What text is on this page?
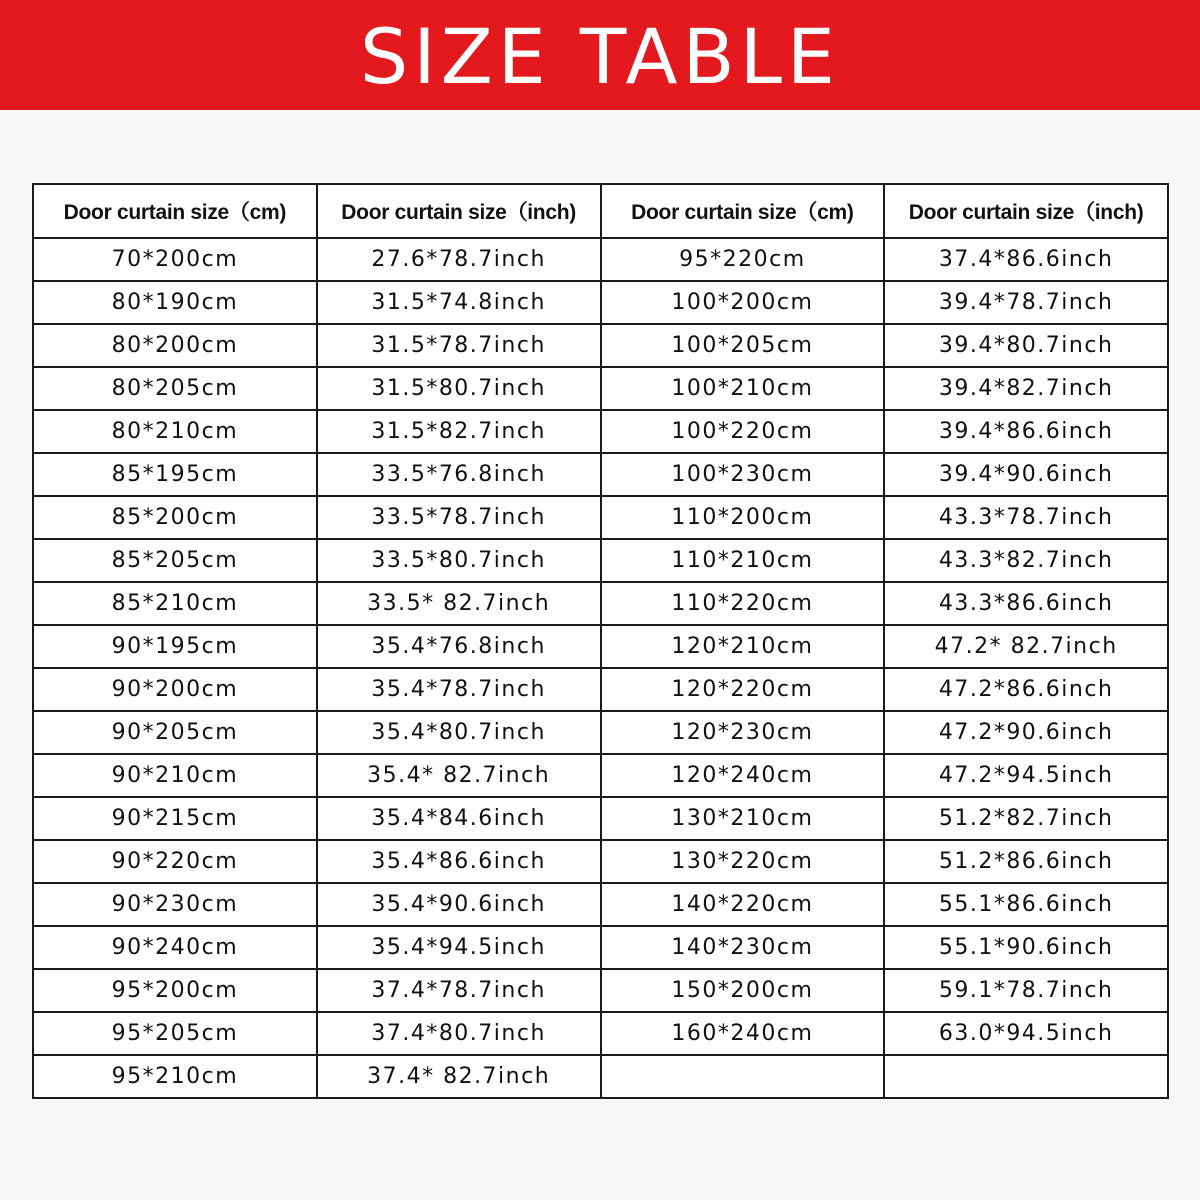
SIZE TABLE
Door curtain size（cm)	Door curtain size（inch)	Door curtain size（cm)	Door curtain size（inch)
70*200cm	27.6*78.7inch	95*220cm	37.4*86.6inch
80*190cm	31.5*74.8inch	100*200cm	39.4*78.7inch
80*200cm	31.5*78.7inch	100*205cm	39.4*80.7inch
80*205cm	31.5*80.7inch	100*210cm	39.4*82.7inch
80*210cm	31.5*82.7inch	100*220cm	39.4*86.6inch
85*195cm	33.5*76.8inch	100*230cm	39.4*90.6inch
85*200cm	33.5*78.7inch	110*200cm	43.3*78.7inch
85*205cm	33.5*80.7inch	110*210cm	43.3*82.7inch
85*210cm	33.5* 82.7inch	110*220cm	43.3*86.6inch
90*195cm	35.4*76.8inch	120*210cm	47.2* 82.7inch
90*200cm	35.4*78.7inch	120*220cm	47.2*86.6inch
90*205cm	35.4*80.7inch	120*230cm	47.2*90.6inch
90*210cm	35.4* 82.7inch	120*240cm	47.2*94.5inch
90*215cm	35.4*84.6inch	130*210cm	51.2*82.7inch
90*220cm	35.4*86.6inch	130*220cm	51.2*86.6inch
90*230cm	35.4*90.6inch	140*220cm	55.1*86.6inch
90*240cm	35.4*94.5inch	140*230cm	55.1*90.6inch
95*200cm	37.4*78.7inch	150*200cm	59.1*78.7inch
95*205cm	37.4*80.7inch	160*240cm	63.0*94.5inch
95*210cm	37.4* 82.7inch		
